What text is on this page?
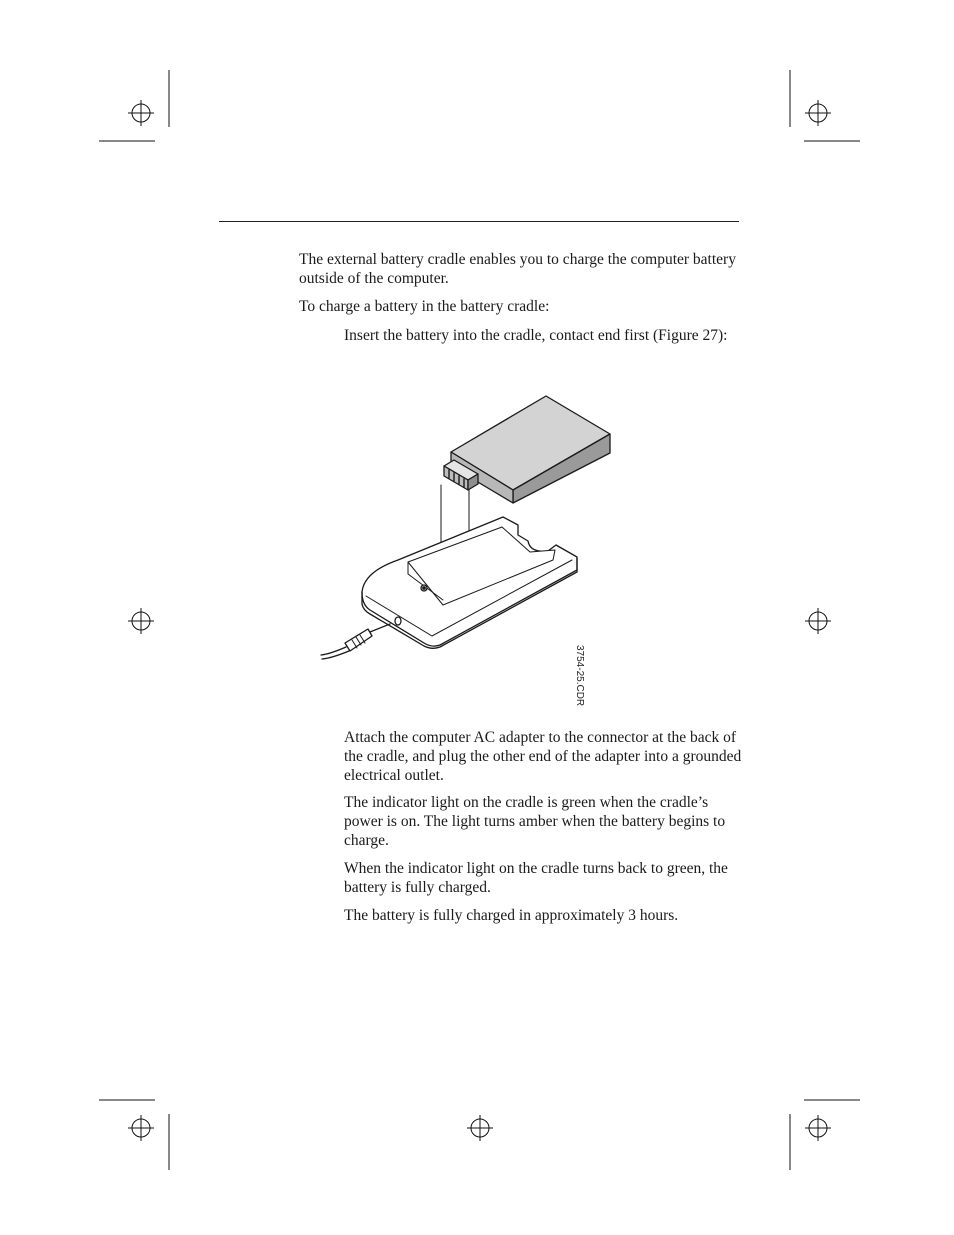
The external battery cradle enables you to charge the computer battery outside of the computer.

To charge a battery in the battery cradle:

Insert the battery into the cradle, contact end first (Figure 27):

3754-25.CDR

Attach the computer AC adapter to the connector at the back of the cradle, and plug the other end of the adapter into a grounded electrical outlet.

The indicator light on the cradle is green when the cradle’s power is on. The light turns amber when the battery begins to charge.

When the indicator light on the cradle turns back to green, the battery is fully charged.

The battery is fully charged in approximately 3 hours.
